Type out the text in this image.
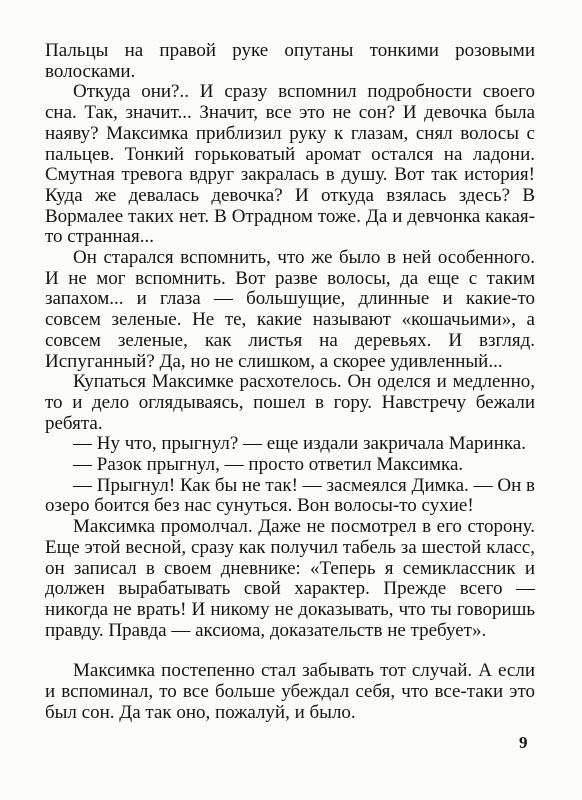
Пальцы на правой руке опутаны тонкими розовыми волосками.

Откуда они?.. И сразу вспомнил подробности своего сна. Так, значит... Значит, все это не сон? И девочка была наяву? Максимка приблизил руку к глазам, снял волосы с пальцев. Тонкий горьковатый аромат остался на ладони. Смутная тревога вдруг закралась в душу. Вот так история! Куда же девалась девочка? И откуда взялась здесь? В Вормалее таких нет. В Отрадном тоже. Да и девчонка какая-то странная...

Он старался вспомнить, что же было в ней особенного. И не мог вспомнить. Вот разве волосы, да еще с таким запахом... и глаза — большущие, длинные и какие-то совсем зеленые. Не те, какие называют «кошачьими», а совсем зеленые, как листья на деревьях. И взгляд. Испуганный? Да, но не слишком, а скорее удивленный...

Купаться Максимке расхотелось. Он оделся и медленно, то и дело оглядываясь, пошел в гору. Навстречу бежали ребята.

— Ну что, прыгнул? — еще издали закричала Маринка.

— Разок прыгнул, — просто ответил Максимка.

— Прыгнул! Как бы не так! — засмеялся Димка. — Он в озеро боится без нас сунуться. Вон волосы-то сухие!

Максимка промолчал. Даже не посмотрел в его сторону. Еще этой весной, сразу как получил табель за шестой класс, он записал в своем дневнике: «Теперь я семиклассник и должен вырабатывать свой характер. Прежде всего — никогда не врать! И никому не доказывать, что ты говоришь правду. Правда — аксиома, доказательств не требует».

Максимка постепенно стал забывать тот случай. А если и вспоминал, то все больше убеждал себя, что все-таки это был сон. Да так оно, пожалуй, и было.

9
